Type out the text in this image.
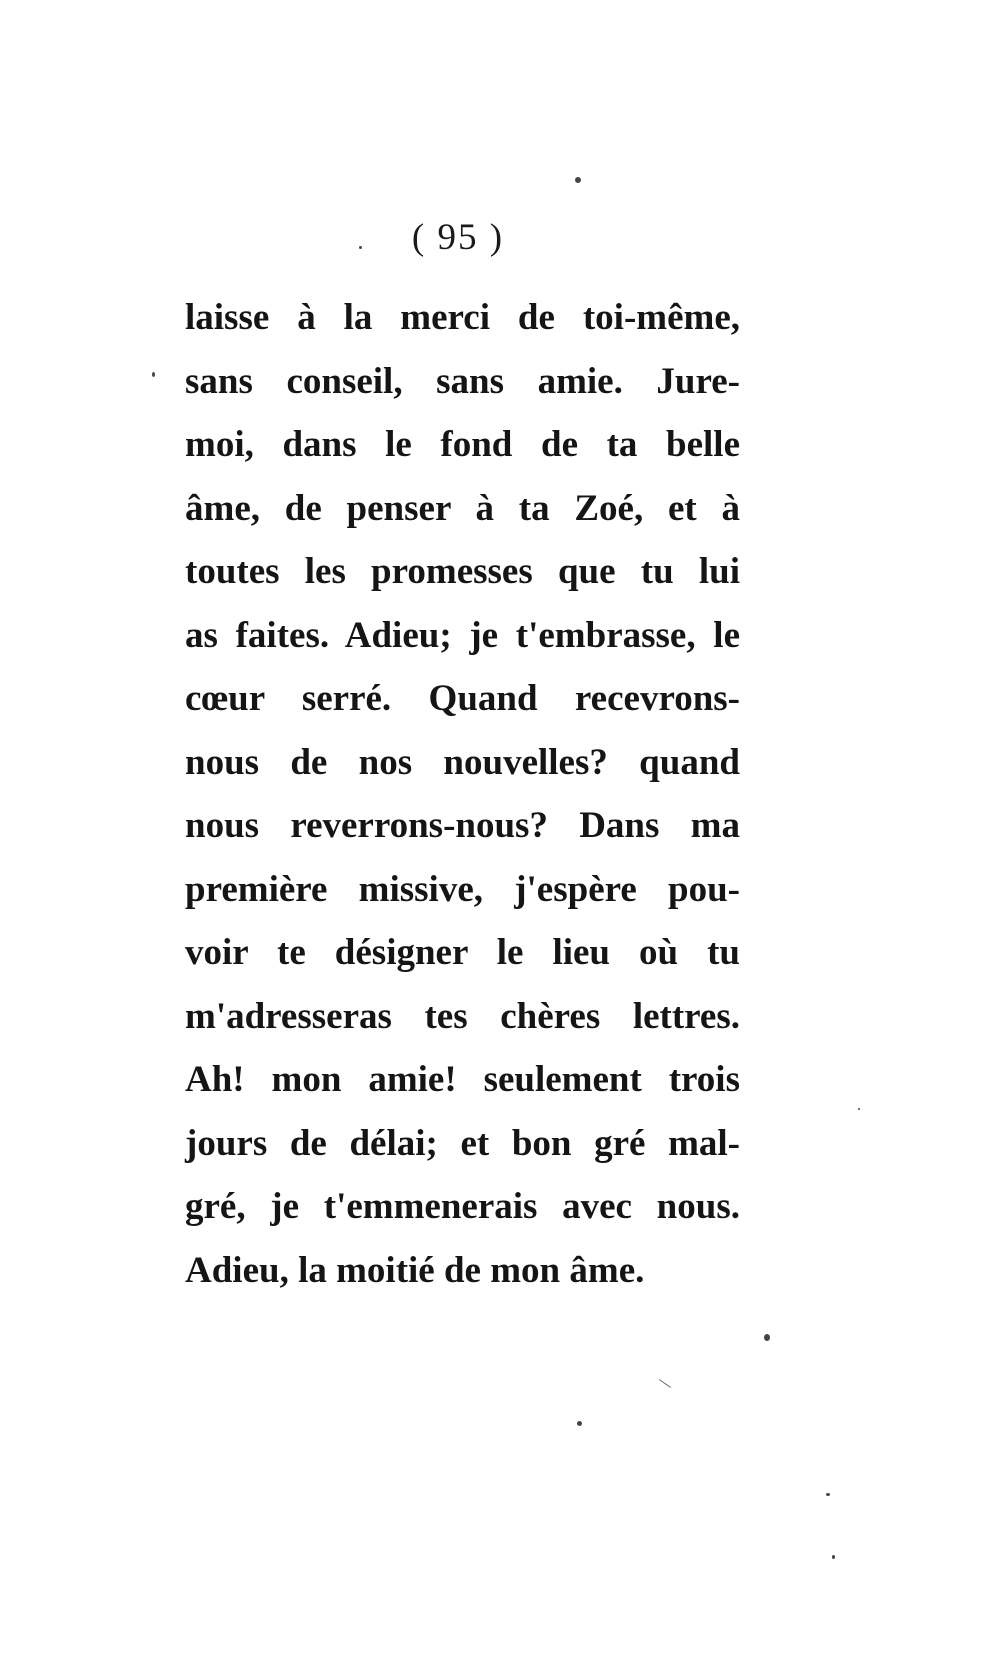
( 95 )
laisse à la merci de toi-même,
sans conseil, sans amie. Jure-
moi, dans le fond de ta belle
âme, de penser à ta Zoé, et à
toutes les promesses que tu lui
as faites. Adieu; je t'embrasse, le
cœur serré. Quand recevrons-
nous de nos nouvelles? quand
nous reverrons-nous? Dans ma
première missive, j'espère pou-
voir te désigner le lieu où tu
m'adresseras tes chères lettres.
Ah! mon amie! seulement trois
jours de délai; et bon gré mal-
gré, je t'emmenerais avec nous.
Adieu, la moitié de mon âme.
